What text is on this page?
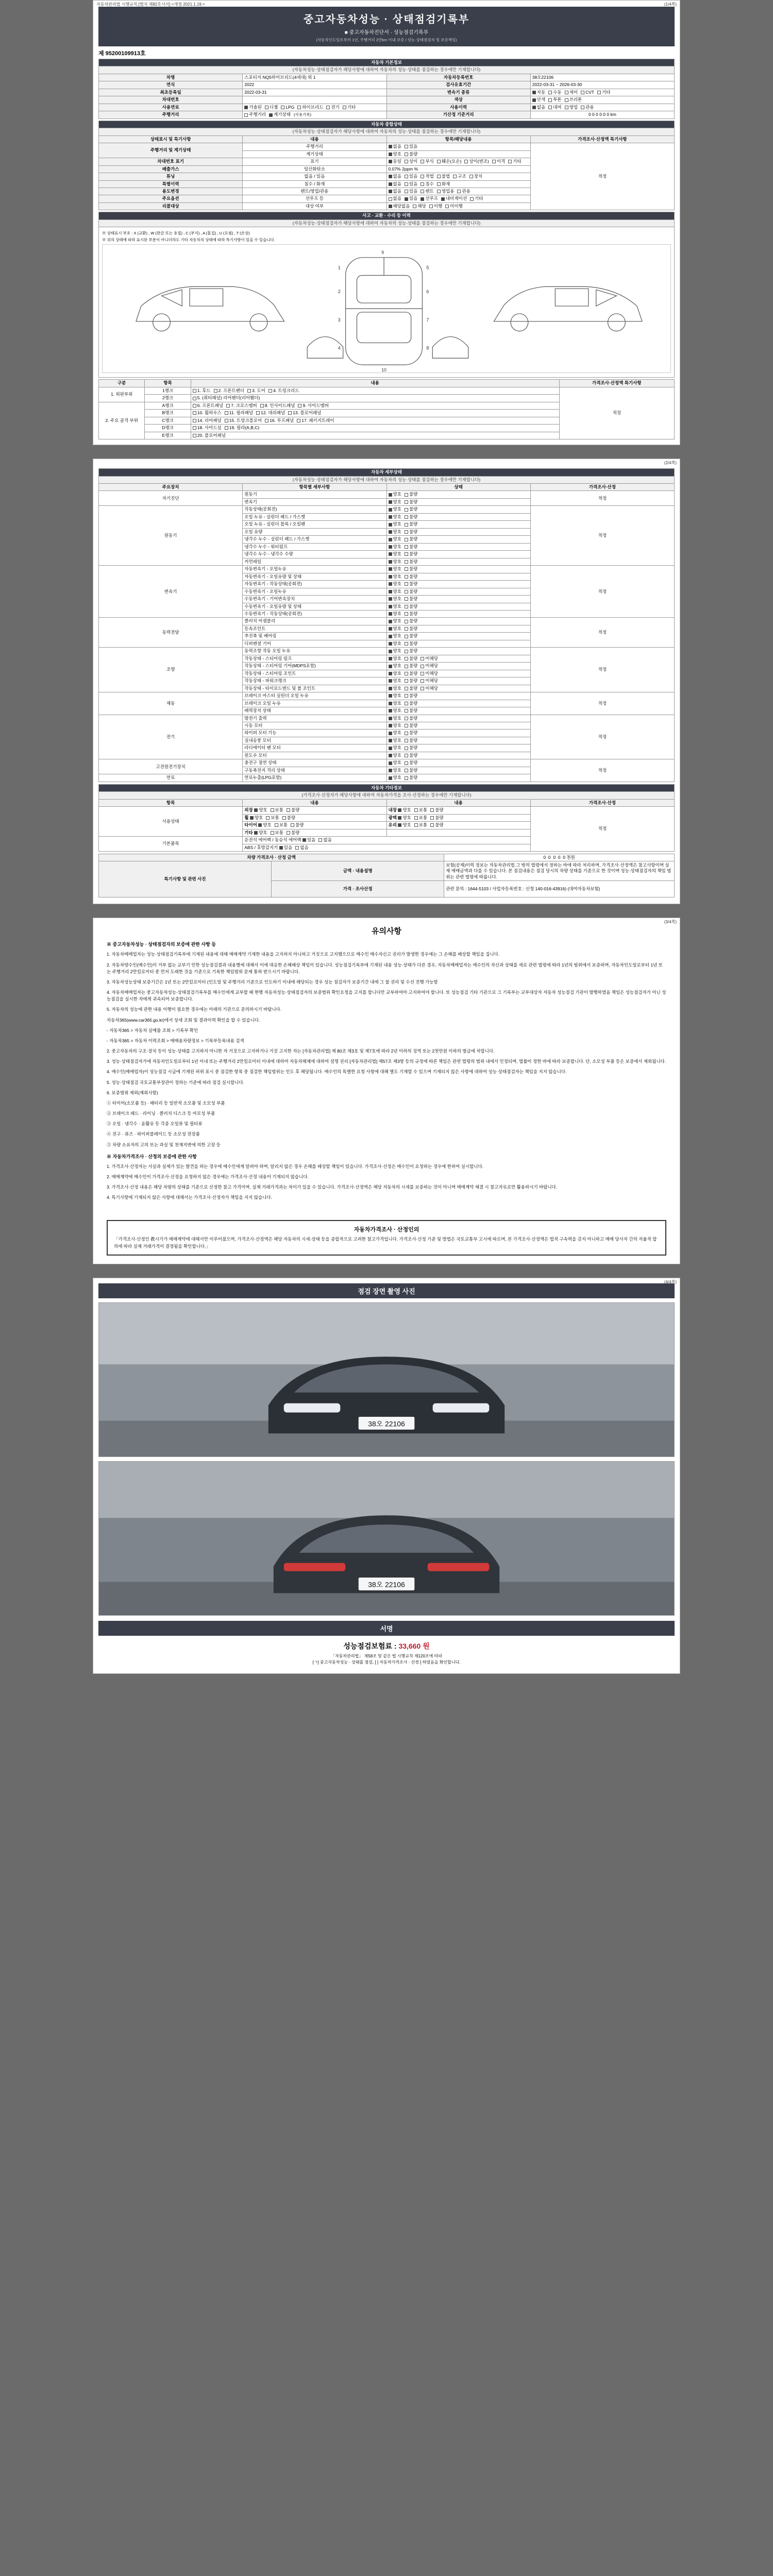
자동차관리법 시행규칙 [별지 제82호서식] <개정 2021.1.19.>	(1/4쪽)
중고자동차성능 · 상태점검기록부
■ 중고자동차진단서 · 성능점검기록부
(자동차인도일로부터 1년, 주행거리 2만km 이내 보증 / 성능·상태점검자 및 보증책임)
제 95200109913호
자동차 기본정보			
(자동차성능·상태점검자가 해당사항에 대하여 자동차의 성능·상태를 점검하는 경우에만 기재합니다)			
차명	스포티지 NQ5하이브리드(4세대) 외 1	자동차등록번호	38오22106
연식	2022	검사유효기간	2022-03-31 ~ 2026-03-30
최초등록일	2022-03-31	변속기 종류	자동 수동 세미 CVT 기타
차대번호		색상	단색 투톤 쓰리톤
사용연료	가솔린 디젤 LPG 하이브리드 전기 기타	사용이력	없음 대여 영업 관용
주행거리	주행거리 계기상태 (사용기록)	기산정 기준거리	0 0 0 0 0 0 km
자동차 종합상태			
(자동차성능·상태점검자가 해당사항에 대하여 자동차의 성능·상태를 점검하는 경우에만 기재합니다)			
상태표시 및 특기사항	내용	항목/해당내용	가격조사·산정액 특기사항
주행거리 및 계기상태	주행거리	없음 있음	적정
	계기상태	양호 불량	
차대번호 표기	표기	동일 상이 부식 훼손(오손) 상이(변조) 이격 기타	
배출가스	일산화탄소	0.07% 2ppm %	
튜닝	없음 / 있음	없음 있음 적법 불법 구조 장치	
특별이력	침수 / 화재	없음 있음 침수 화재	
용도변경	렌트/영업/관용	없음 있음 렌트 영업용 관용	
주요옵션	선루프 등	없음 있음 선루프 내비게이션 기타	
리콜대상	대상 여부	해당없음 해당 이행 미이행	
사고 · 교환 · 수리 등 이력
(자동차성능·상태점검자가 해당사항에 대하여 자동차의 성능·상태를 점검하는 경우에만 기재합니다)
※ 상태표시 부호 : X (교환) , W (판금 또는 용접) , C (부식) , A (흠집) , U (요철) , T (손상)
※ 위의 상태에 따라 표시된 부분이 아니더라도 기타 자동차의 상태에 따라 특기사항이 있을 수 있습니다.
1
2
3
4
5
6
7
8
9
10
구분	항목	내용	가격조사·산정액 특기사항
1. 외판부위	1랭크	1. 후드 2. 프론트팬더 3. 도어 4. 트렁크리드	적정
	2랭크	5. (쿼터패널) 리어팬더(리어휀더)	
2. 주요 골격 부위	A랭크	6. 프론트패널 7. 크로스멤버 8. 인사이드패널 9. 사이드멤버	
	B랭크	10. 휠하우스 11. 필라패널 12. 대쉬패널 13. 플로어패널	
	C랭크	14. 리어패널 15. 트렁크플로어 16. 루프패널 17. 패키지트레이	
	D랭크	18. 사이드실 19. 필라(A,B,C)	
	E랭크	20. 플로어패널	
(2/4쪽)
자동차 세부상태			
(자동차성능·상태점검자가 해당사항에 대하여 자동차의 성능·상태를 점검하는 경우에만 기재합니다)			
주요장치	항목별 세부사항	상태	가격조사·산정
자기진단	원동기	양호 불량	적정
	변속기	양호 불량	
원동기	작동상태(공회전)	양호 불량	적정
	오일 누유 - 실린더 헤드 / 가스켓	양호 불량	
	오일 누유 - 실린더 블록 / 오일팬	양호 불량	
	오일 유량	양호 불량	
	냉각수 누수 - 실린더 헤드 / 가스켓	양호 불량	
	냉각수 누수 - 워터펌프	양호 불량	
	냉각수 누수 - 냉각수 수량	양호 불량	
	커먼레일	양호 불량	
변속기	자동변속기 - 오일누유	양호 불량	적정
	자동변속기 - 오일유량 및 상태	양호 불량	
	자동변속기 - 작동상태(공회전)	양호 불량	
	수동변속기 - 오일누유	양호 불량	
	수동변속기 - 기어변속장치	양호 불량	
	수동변속기 - 오일유량 및 상태	양호 불량	
	수동변속기 - 작동상태(공회전)	양호 불량	
동력전달	클러치 어셈블리	양호 불량	적정
	등속조인트	양호 불량	
	추진축 및 베어링	양호 불량	
	디퍼렌셜 기어	양호 불량	
조향	동력조향 작동 오일 누유	양호 불량	적정
	작동상태 - 스티어링 펌프	양호 불량 미해당	
	작동상태 - 스티어링 기어(MDPS포함)	양호 불량 미해당	
	작동상태 - 스티어링 조인트	양호 불량 미해당	
	작동상태 - 파워크랭크	양호 불량 미해당	
	작동상태 - 타이로드엔드 및 볼 조인트	양호 불량 미해당	
제동	브레이크 마스터 실린더 오일 누유	양호 불량	적정
	브레이크 오일 누유	양호 불량	
	배력장치 상태	양호 불량	
전기	발전기 출력	양호 불량	적정
	시동 모터	양호 불량	
	와이퍼 모터 기능	양호 불량	
	실내송풍 모터	양호 불량	
	라디에이터 팬 모터	양호 불량	
	윈도우 모터	양호 불량	
고전원전기장치	충전구 절연 상태	양호 불량	적정
	구동축전지 격리 상태	양호 불량	
연료	연료누출(LPG포함)	양호 불량	
자동차 기타정보			
(가격조사·산정자가 해당사항에 대하여 자동차가격을 조사·산정하는 경우에만 기재합니다)			
항목	내용	내용	가격조사·산정
사용상태	외장 양호 보통 불량	내장 양호 보통 불량	적정
	휠 양호 보통 불량	광택 양호 보통 불량	
	타이어 양호 보통 불량	유리 양호 보통 불량	
	기타 양호 보통 불량		
기본품목	운전석 에어백 / 동승석 에어백 있음 없음		
	ABS / 후방감지기 있음 없음		
차량 가격조사 · 산정 금액		0  0  0  0  0 천원
특기사항 및 관련 사진	금액 · 내용설명	보험(공제)이력 정보는 자동차관리법 그 밖의 법령에서 정하는 바에 따라 처리하며, 가격조사·산정액은 참고사항이며 실제 매매금액과 다를 수 있습니다. 본 점검내용은 점검 당시의 차량 상태를 기준으로 한 것이며 성능·상태점검자의 책임 범위는 관련 법령에 따릅니다.
	가격 · 조사산정	관련 문의 : 1644-5103 / 사업자등록번호 : 신청 140-016-43916) (대여자동차보험)
(3/4쪽)
유의사항
※ 중고자동차성능 · 상태점검자의 보증에 관한 사항 등

1. 자동차매매업자는 성능·상태점검기록부에 기재된 내용에 대해 매매계약 기재한 내용을 고지하지 아니하고 거짓으로 고지했으므로 매수인 매수자신고 권리가 발생한 경우에는 그 손해를 배상할 책임을 집니다.

2. 자동차양수인(매수인)이 거부 없는 교부기 인한 성능점검결과 내용별에 대해서 이에 대응한 손해배상 책임이 있습니다. 성능점검기록부에 기재된 내용 성능·상태가 다른 경우, 자동차매매업자는 매수인의 자신과 상태를 새로 관련 법령에 따라 1년의 범위에서 보증하며, 자동차인도일로부터 1년 또는 주행거리 2만킬로미터 중 먼저 도래한 것을 기준으로 기록한 책임범위 문제 통하 받으시기 바랍니다.

3. 자동차성능상태 보증기간은 1년 또는 2만킬로미터 (인도일 및 주행거리 기준으로 인도하기 이내에 해당되는 경우 성능 점검자가 보증기간 내에 그 물 권리 및 수선 진행 가능함

4. 자동차매매업자는 중고자동차성능·상태점검기록부를 매수인에게 교부할 때 현행 자동차성능·상태점검자의 보증범위 확인요청을 고지를 합니다만 교부하여야 고지하여야 합니다. 또 성능점검 기타 기관으로 그 기록부는 교부대상자 자동차 성능점검 기관이 발행하였음 책임은 성능점검자가 아닌 성능점검을 실시한 자에게 귀속되어 보증합니다.

5. 자동차의 성능에 관한 내용 이행이 필요한 경우에는 아래의 기관으로 문의하시기 바랍니다.

자동차365(www.car365.go.kr)에서 상세 조회 및 결과이력 확인을 할 수 있습니다.

- 자동차365 > 자동차 실매물 조회 > 기록부 확인

- 자동차365 > 자동차 이력조회 > 매매용차량정보 > 기록부등록내용 검색

2. 중고자동차의 구조·장치 등이 성능·상태를 고지하지 아니한 자 거짓으로 고지하거나 거짓 고지한 자는 [자동차관리법] 제 80조 제3호 및 제7호에 따라 2년 이하의 징역 또는 2천만원 이하의 벌금에 처합니다.

3. 성능·상태점검자가에 자동차인도일로부터 1년 이내 또는 주행거리 2만킬로미터 이내에 대하여 자동차해체에 대하여 설명 권리 [자동차관리법] 제57조 제3항 등의 규정에 따른 책임은 관련 법령의 범위 내에서 인정되며, 법률이 정한 바에 따라 보증합니다. 단, 소모성 부품 등은 보증에서 제외됩니다.

4. 매수인(매매업자)이 성능점검 시급에 기재된 허위 표시 중 점검한 항목 중 점검한 책임범위는 인도 후 해당됩니다. 매수인의 특별한 요청 사항에 대해 별도 기재할 수 있으며 기재되지 않은 사항에 대하여 성능·상태점검자는 책임을 지지 않습니다.

5. 성능·상태점검 국토교통부장관이 정하는 기준에 따라 점검 실시합니다.

6. 보증범위 제외(제외사항)

① 타이어(소모품 등) · 배터리 등 일반적 소모품 및 소모성 부품

② 브레이크 패드 · 라이닝 · 클러치 디스크 등 마모성 부품

③ 오일 · 냉각수 · 윤활유 등 각종 오일류 및 필터류

④ 전구 · 퓨즈 · 와이퍼블레이드 등 소모성 전장품

⑤ 차량 소유자의 고의 또는 과실 및 천재지변에 의한 고장 등

※ 자동차가격조사 · 산정의 보증에 관한 사항

1. 가격조사·산정자는 사실과 실제가 있는 발견을 하는 경우에 매수인에게 알려야 하며, 알리지 않은 경우 손해를 배상할 책임이 있습니다. 가격조사·산정은 매수인이 요청하는 경우에 한하여 실시합니다.

2. 매매계약에 매수인이 가격조사·산정을 요청하지 않은 경우에는 가격조사·산정 내용이 기재되지 않습니다.

3. 가격조사·산정 내용은 해당 차량의 상태를 기준으로 산정한 참고 가격이며, 실제 거래가격과는 차이가 있을 수 있습니다. 가격조사·산정액은 해당 자동차의 시세를 보증하는 것이 아니며 매매계약 체결 시 참고자료로만 활용하시기 바랍니다.

4. 특기사항에 기재되지 않은 사항에 대해서는 가격조사·산정자가 책임을 지지 않습니다.

자동차가격조사 · 산정인의
「가격조사·산정인 教시기가 매매계약에 대해서만 이루어졌으며, 가격조사·산정액은 해당 자동차의 시세·상태 등을 종합적으로 고려한 참고가격입니다. 가격조사·산정 기준 및 방법은 국토교통부 고시에 따르며, 본 가격조사·산정액은 법적 구속력을 갖지 아니하고 매매 당사자 간의 자율적 합의에 따라 실제 거래가격이 결정됨을 확인합니다.」
(4/4쪽)
점검 장면 촬영 사진
38오 22106
38오 22106
서명
성능점검보험료 : 33,660 원
「자동차관리법」 제58조 및 같은 법 시행규칙 제120조에 따라
[ㄱ] 중고자동차성능 · 상태를 점검, [ ] 자동차가격조사 · 산정 ] 하였음을 확인합니다.
